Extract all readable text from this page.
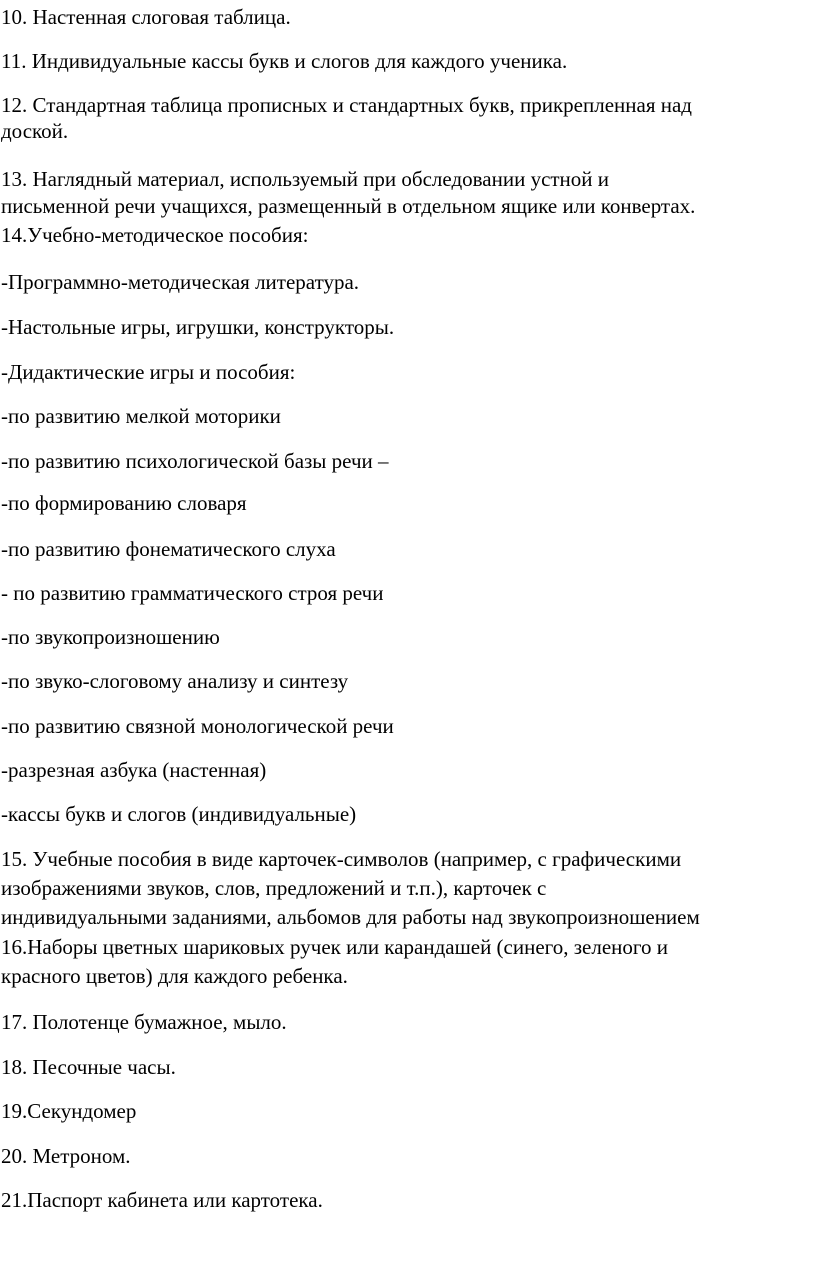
10. Настенная слоговая таблица.
11. Индивидуальные кассы букв и слогов для каждого ученика.
12. Стандартная таблица прописных и стандартных букв, прикрепленная над
доской.
13. Наглядный материал, используемый при обследовании устной и
письменной речи учащихся, размещенный в отдельном ящике или конвертах.
14.Учебно-методическое пособия:
-Программно-методическая литература.
-Настольные игры, игрушки, конструкторы.
-Дидактические игры и пособия:
-по развитию мелкой моторики
-по развитию психологической базы речи –
-по формированию словаря
-по развитию фонематического слуха
- по развитию грамматического строя речи
-по звукопроизношению
-по звуко-слоговому анализу и синтезу
-по развитию связной монологической речи
-разрезная азбука (настенная)
-кассы букв и слогов (индивидуальные)
15. Учебные пособия в виде карточек-символов (например, с графическими
изображениями звуков, слов, предложений и т.п.), карточек с
индивидуальными заданиями, альбомов для работы над звукопроизношением
16.Наборы цветных шариковых ручек или карандашей (синего, зеленого и
красного цветов) для каждого ребенка.
17. Полотенце бумажное, мыло.
18. Песочные часы.
19.Секундомер
20. Метроном.
21.Паспорт кабинета или картотека.
